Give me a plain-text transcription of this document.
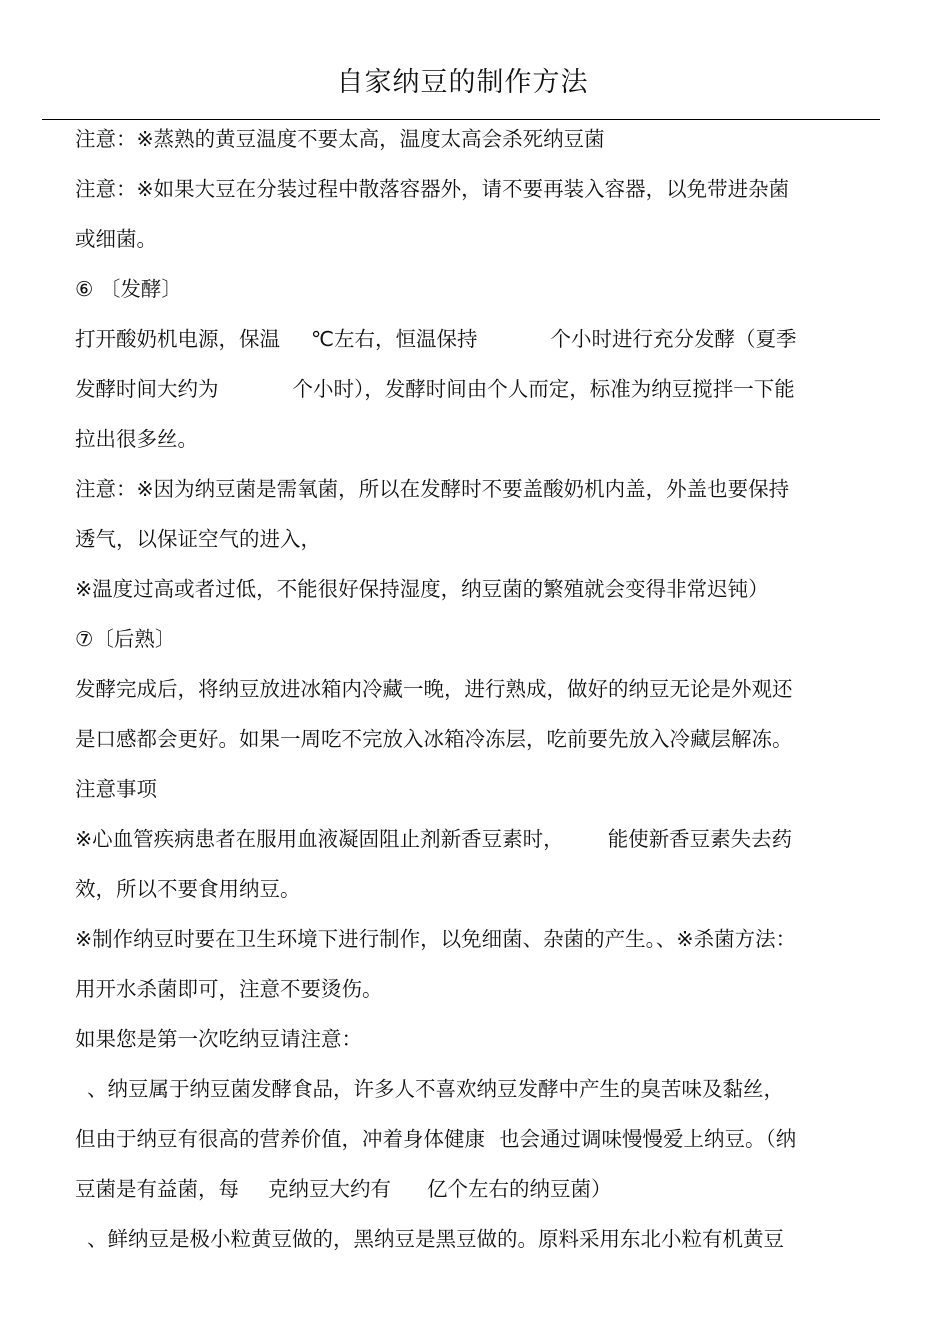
自家纳豆的制作方法
注意：※蒸熟的黄豆温度不要太高，温度太高会杀死纳豆菌
注意：※如果大豆在分装过程中散落容器外，请不要再装入容器，以免带进杂菌
或细菌。
⑥ 〔发酵〕
打开酸奶机电源，保温 ℃左右，恒温保持	个小时进行充分发酵（夏季
发酵时间大约为	个小时），发酵时间由个人而定，标准为纳豆搅拌一下能
拉出很多丝。
注意：※因为纳豆菌是需氧菌，所以在发酵时不要盖酸奶机内盖，外盖也要保持
透气，以保证空气的进入，
※温度过高或者过低，不能很好保持湿度，纳豆菌的繁殖就会变得非常迟钝）
⑦〔后熟〕
发酵完成后，将纳豆放进冰箱内冷藏一晚，进行熟成，做好的纳豆无论是外观还
是口感都会更好。如果一周吃不完放入冰箱冷冻层，吃前要先放入冷藏层解冻。
注意事项
※心血管疾病患者在服用血液凝固阻止剂新香豆素时， 能使新香豆素失去药
效，所以不要食用纳豆。
※制作纳豆时要在卫生环境下进行制作，以免细菌、杂菌的产生。、※杀菌方法：
用开水杀菌即可，注意不要烫伤。
如果您是第一次吃纳豆请注意：
、纳豆属于纳豆菌发酵食品，许多人不喜欢纳豆发酵中产生的臭苦味及黏丝，
但由于纳豆有很高的营养价值，冲着身体健康 也会通过调味慢慢爱上纳豆。（纳
豆菌是有益菌，每 克纳豆大约有 亿个左右的纳豆菌）
、鲜纳豆是极小粒黄豆做的，黑纳豆是黑豆做的。原料采用东北小粒有机黄豆
